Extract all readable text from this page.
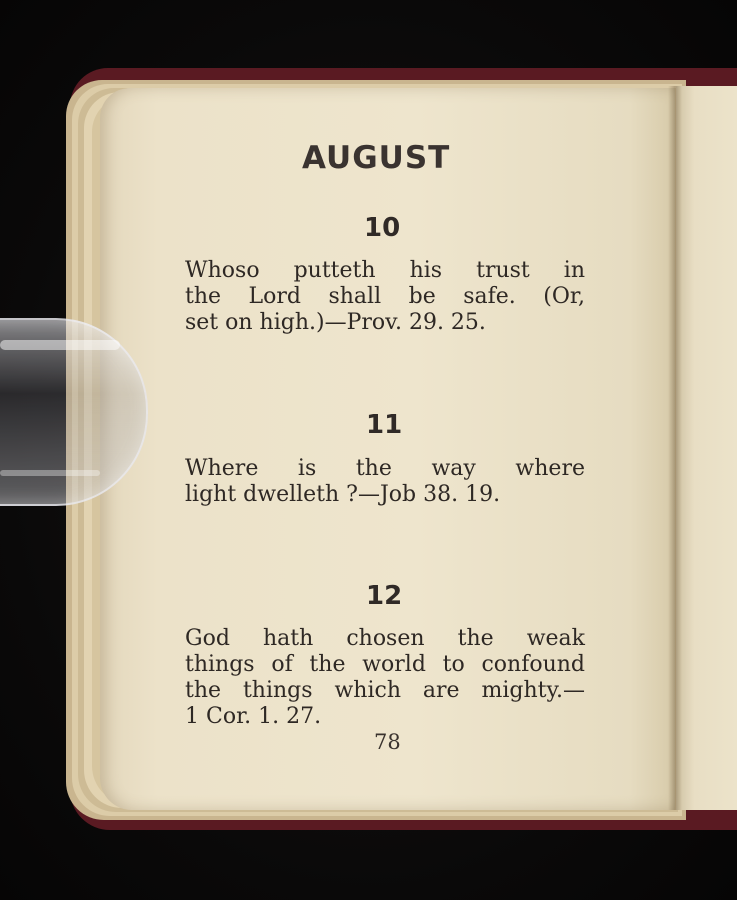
AUGUST
10
Whoso putteth his trust in
the Lord shall be safe. (Or,
set on high.)—Prov. 29. 25.
11
Where is the way where
light dwelleth ?—Job 38. 19.
12
God hath chosen the weak
things of the world to confound
the things which are mighty.—
1 Cor. 1. 27.
78
